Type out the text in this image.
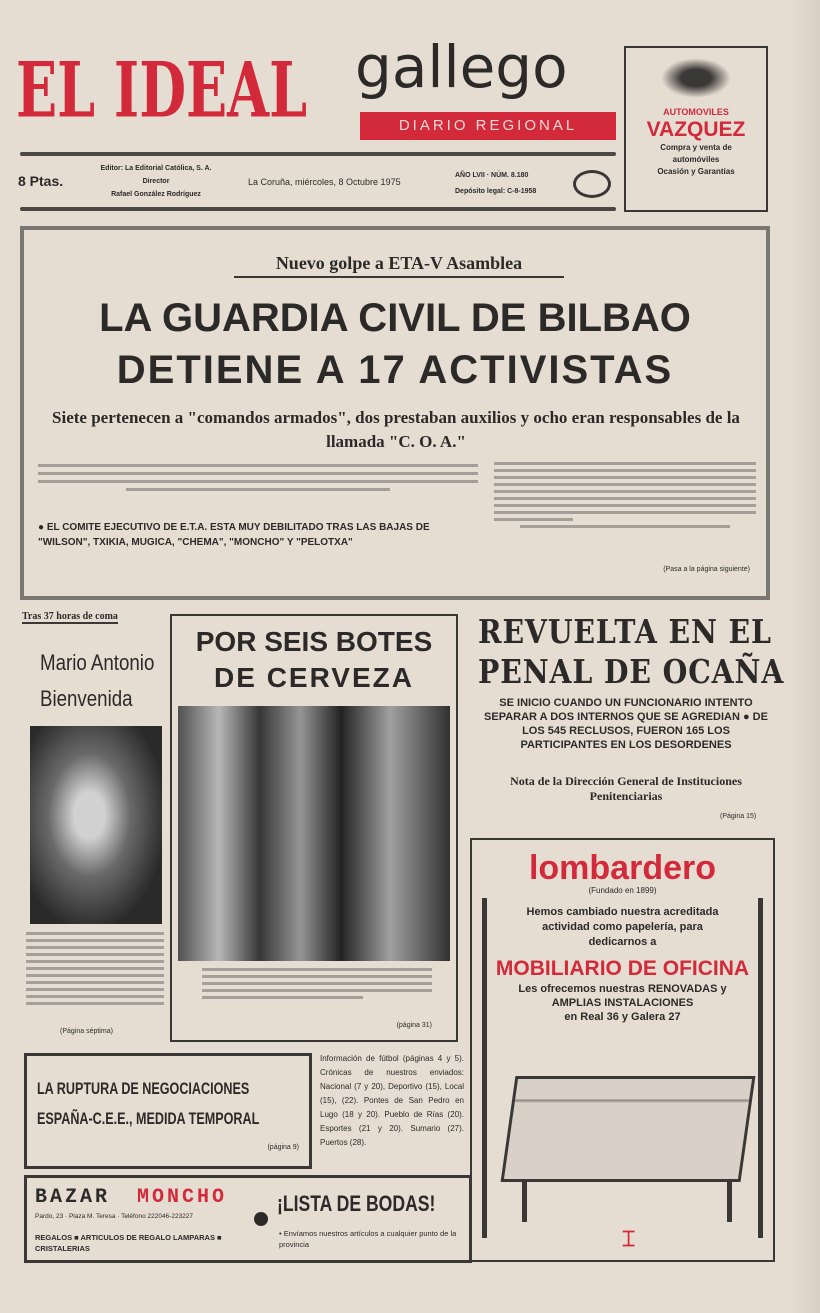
EL IDEAL gallego
DIARIO REGIONAL
8 Ptas.
Editor: La Editorial Católica, S. A.
Director
Rafael González Rodríguez
La Coruña, miércoles, 8 Octubre 1975
AÑO LVII · NÚM. 8.180
Depósito legal: C-8-1958
AUTOMOVILES
VAZQUEZ
Compra y venta de
automóviles
Ocasión y Garantías
Nuevo golpe a ETA-V Asamblea
LA GUARDIA CIVIL DE BILBAO
DETIENE A 17 ACTIVISTAS
Siete pertenecen a "comandos armados", dos prestaban auxilios y ocho eran responsables de la llamada "C. O. A."
● EL COMITE EJECUTIVO DE E.T.A. ESTA MUY DEBILITADO TRAS LAS BAJAS DE "WILSON", TXIKIA, MUGICA, "CHEMA", "MONCHO" Y "PELOTXA"
(Pasa a la página siguiente)
Tras 37 horas de coma
Mario Antonio
Bienvenida
(Página séptima)
POR SEIS BOTES
DE CERVEZA
(página 31)
REVUELTA EN EL
PENAL DE OCAÑA
SE INICIO CUANDO UN FUNCIONARIO INTENTO SEPARAR A DOS INTERNOS QUE SE AGREDIAN ● DE LOS 545 RECLUSOS, FUERON 165 LOS PARTICIPANTES EN LOS DESORDENES
Nota de la Dirección General de Instituciones Penitenciarias
(Página 15)
lombardero
(Fundado en 1899)
Hemos cambiado nuestra acreditada actividad como papelería, para dedicarnos a
MOBILIARIO DE OFICINA
Les ofrecemos nuestras RENOVADAS y
AMPLIAS INSTALACIONES
en Real 36 y Galera 27
⌶
LA RUPTURA DE NEGOCIACIONES
ESPAÑA-C.E.E., MEDIDA TEMPORAL
(página 9)
Información de fútbol (páginas 4 y 5). Crónicas de nuestros enviados: Nacional (7 y 20), Deportivo (15), Local (15), (22). Pontes de San Pedro en Lugo (18 y 20). Pueblo de Rías (20). Esportes (21 y 20). Sumario (27). Puertos (28).
BAZAR MONCHO
Pardo, 23 · Plaza M. Teresa · Teléfono 222046-223227
REGALOS ■ ARTICULOS DE REGALO LAMPARAS ■ CRISTALERIAS
¡LISTA DE BODAS!
• Envíamos nuestros artículos a cualquier punto de la provincia
